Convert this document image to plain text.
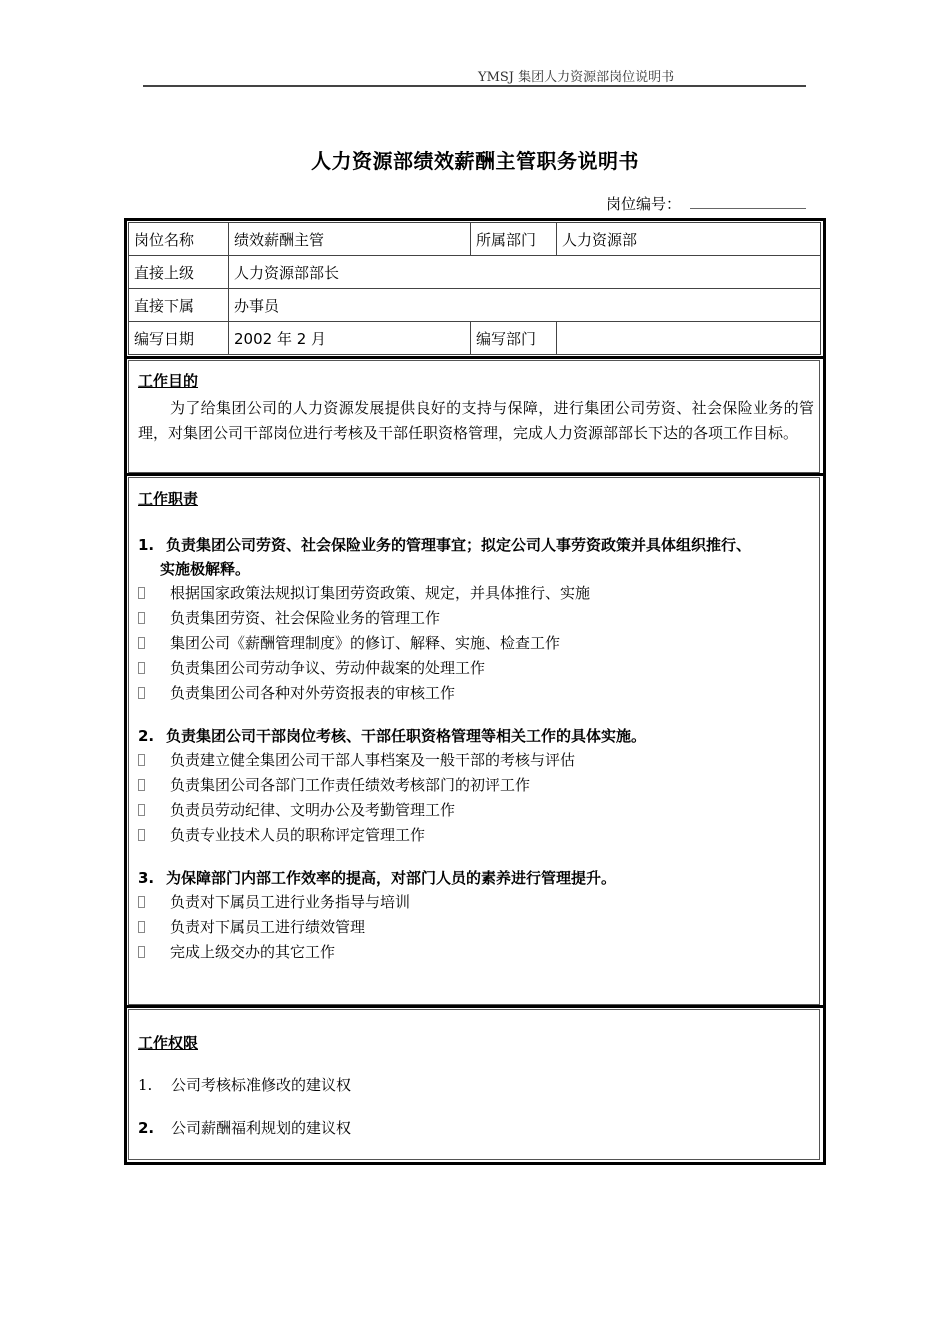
YMSJ 集团人力资源部岗位说明书
人力资源部绩效薪酬主管职务说明书
岗位编号：
岗位名称	绩效薪酬主管	所属部门	人力资源部
直接上级	人力资源部部长		
直接下属	办事员		
编写日期	2002 年 2 月	编写部门	
工作目的
为了给集团公司的人力资源发展提供良好的支持与保障，进行集团公司劳资、社会保险业务的管理，对集团公司干部岗位进行考核及干部任职资格管理，完成人力资源部部长下达的各项工作目标。
工作职责
1. 负责集团公司劳资、社会保险业务的管理事宜；拟定公司人事劳资政策并具体组织推行、
实施极解释。
根据国家政策法规拟订集团劳资政策、规定，并具体推行、实施
负责集团劳资、社会保险业务的管理工作
集团公司《薪酬管理制度》的修订、解释、实施、检查工作
负责集团公司劳动争议、劳动仲裁案的处理工作
负责集团公司各种对外劳资报表的审核工作
2. 负责集团公司干部岗位考核、干部任职资格管理等相关工作的具体实施。
负责建立健全集团公司干部人事档案及一般干部的考核与评估
负责集团公司各部门工作责任绩效考核部门的初评工作
负责员劳动纪律、文明办公及考勤管理工作
负责专业技术人员的职称评定管理工作
3. 为保障部门内部工作效率的提高，对部门人员的素养进行管理提升。
负责对下属员工进行业务指导与培训
负责对下属员工进行绩效管理
完成上级交办的其它工作
工作权限
1. 公司考核标准修改的建议权
2. 公司薪酬福利规划的建议权
